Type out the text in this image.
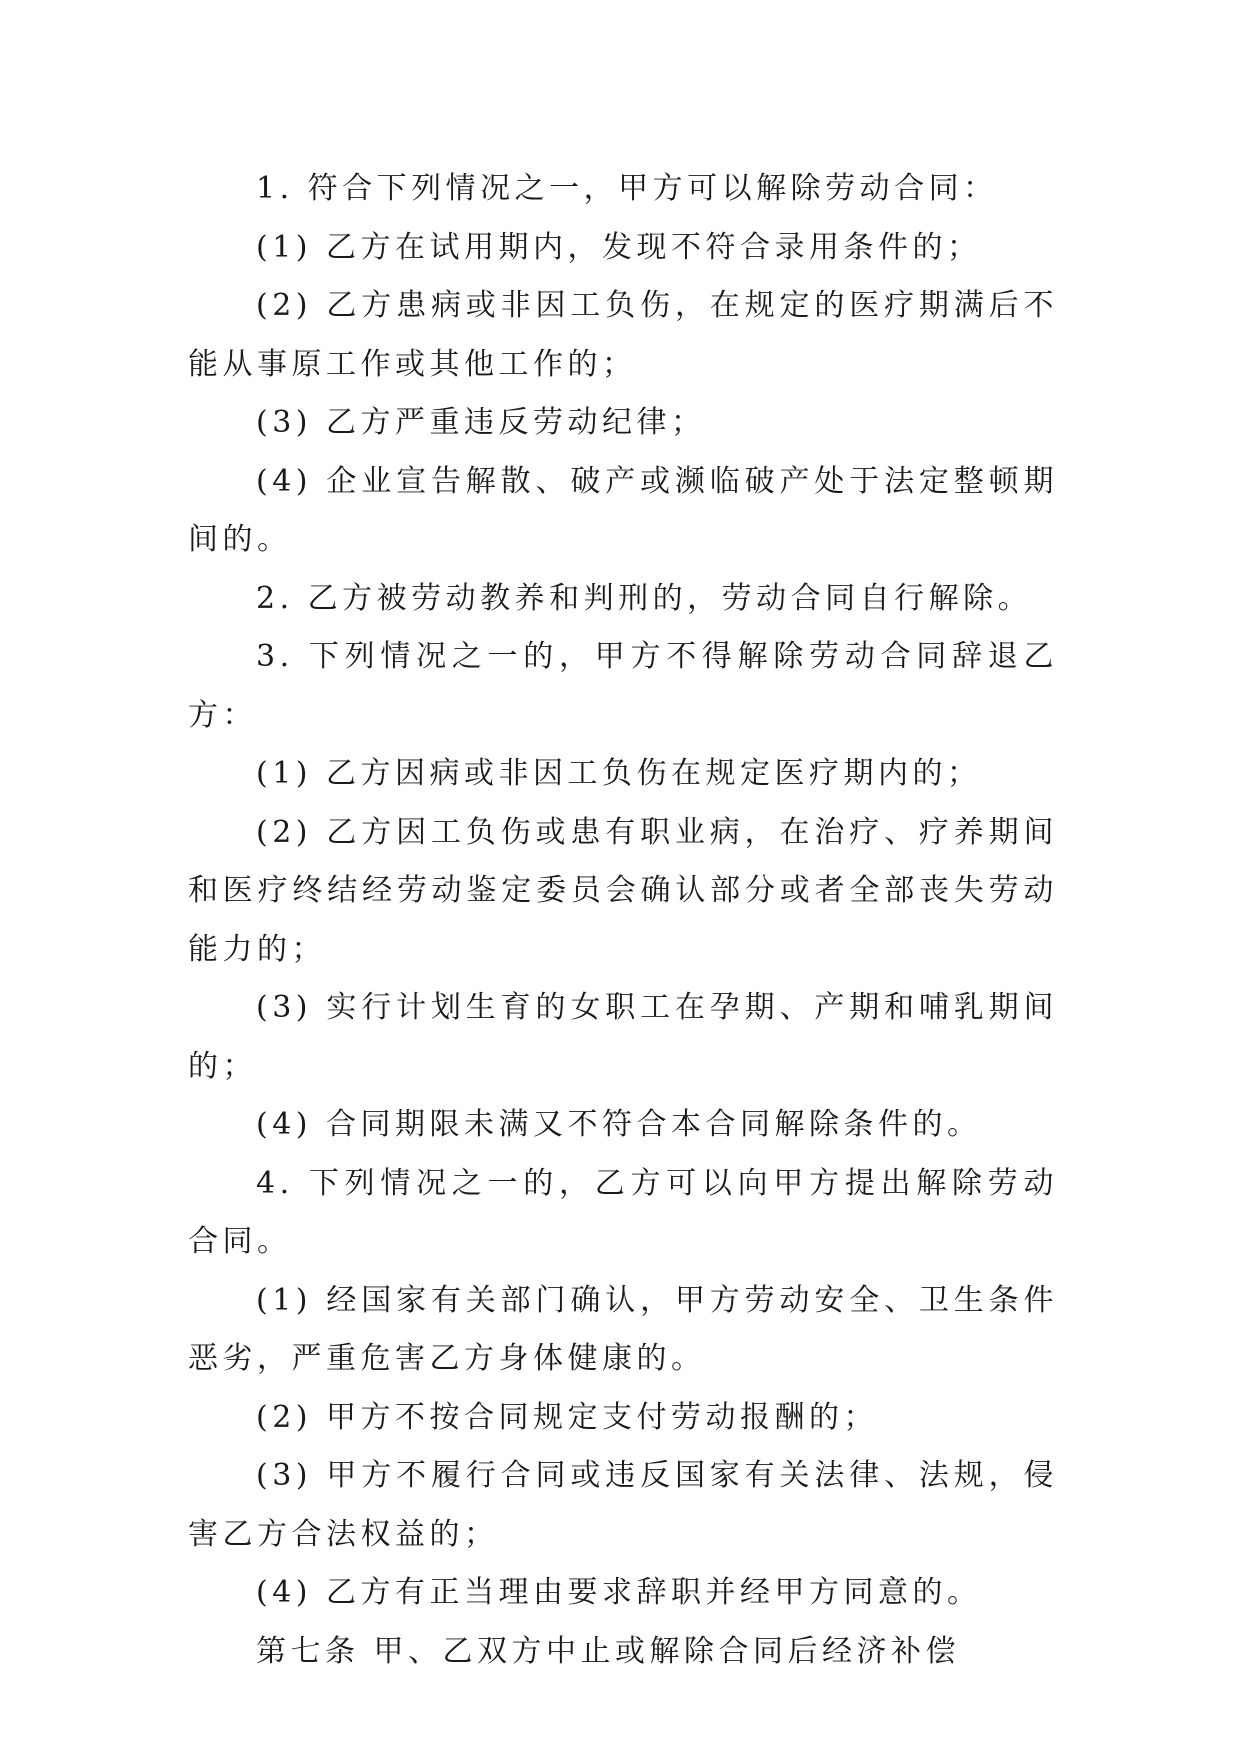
1. 符合下列情况之一，甲方可以解除劳动合同：

(1) 乙方在试用期内，发现不符合录用条件的；

(2) 乙方患病或非因工负伤，在规定的医疗期满后不能从事原工作或其他工作的；

(3) 乙方严重违反劳动纪律；

(4) 企业宣告解散、破产或濒临破产处于法定整顿期间的。

2. 乙方被劳动教养和判刑的，劳动合同自行解除。

3. 下列情况之一的，甲方不得解除劳动合同辞退乙方：

(1) 乙方因病或非因工负伤在规定医疗期内的；

(2) 乙方因工负伤或患有职业病，在治疗、疗养期间和医疗终结经劳动鉴定委员会确认部分或者全部丧失劳动能力的；

(3) 实行计划生育的女职工在孕期、产期和哺乳期间的；

(4) 合同期限未满又不符合本合同解除条件的。

4. 下列情况之一的，乙方可以向甲方提出解除劳动合同。

(1) 经国家有关部门确认，甲方劳动安全、卫生条件恶劣，严重危害乙方身体健康的。

(2) 甲方不按合同规定支付劳动报酬的；

(3) 甲方不履行合同或违反国家有关法律、法规，侵害乙方合法权益的；

(4) 乙方有正当理由要求辞职并经甲方同意的。

第七条 甲、乙双方中止或解除合同后经济补偿
